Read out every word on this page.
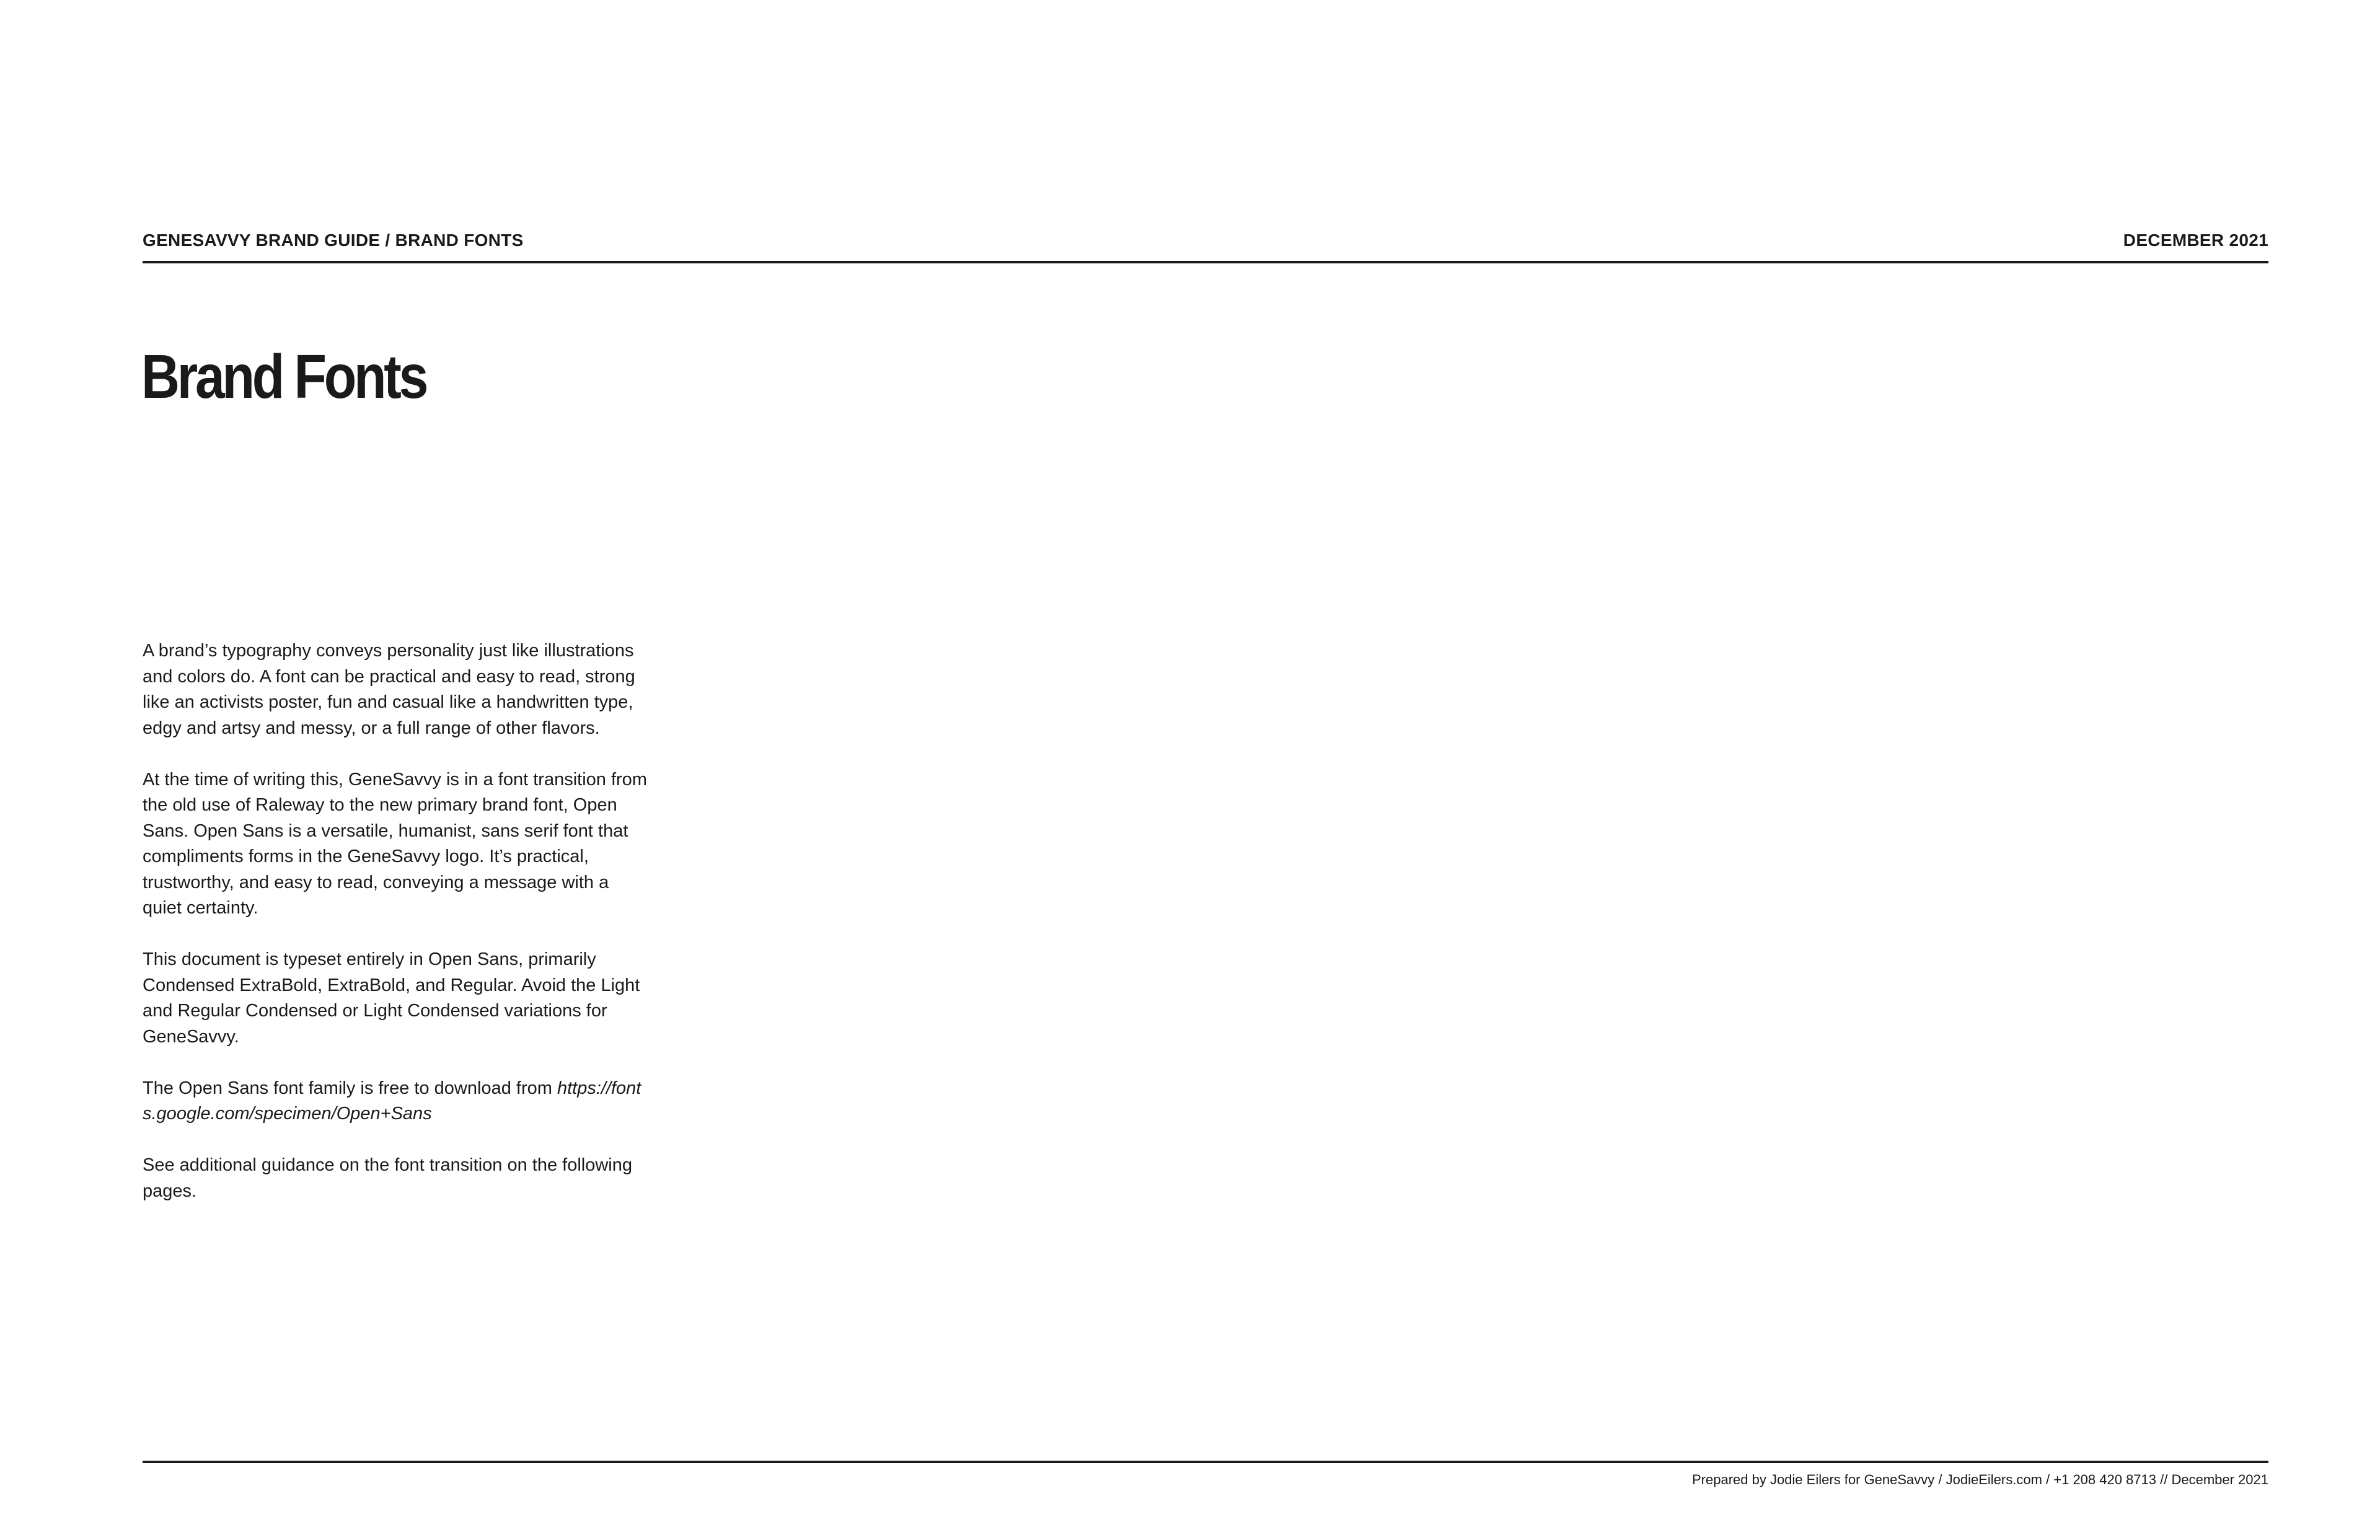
GENESAVVY BRAND GUIDE / BRAND FONTS	DECEMBER 2021
Brand Fonts

A brand’s typography conveys personality just like illustrations and colors do. A font can be practical and easy to read, strong like an activists poster, fun and casual like a handwritten type, edgy and artsy and messy, or a full range of other flavors.

At the time of writing this, GeneSavvy is in a font transition from the old use of Raleway to the new primary brand font, Open Sans. Open Sans is a versatile, humanist, sans serif font that compliments forms in the GeneSavvy logo. It’s practical, trustworthy, and easy to read, conveying a message with a quiet certainty.

This document is typeset entirely in Open Sans, primarily Condensed ExtraBold, ExtraBold, and Regular. Avoid the Light and Regular Condensed or Light Condensed variations for GeneSavvy.

The Open Sans font family is free to download from https://fonts.google.com/specimen/Open+Sans

See additional guidance on the font transition on the following pages.

Prepared by Jodie Eilers for GeneSavvy / JodieEilers.com / +1 208 420 8713 // December 2021
